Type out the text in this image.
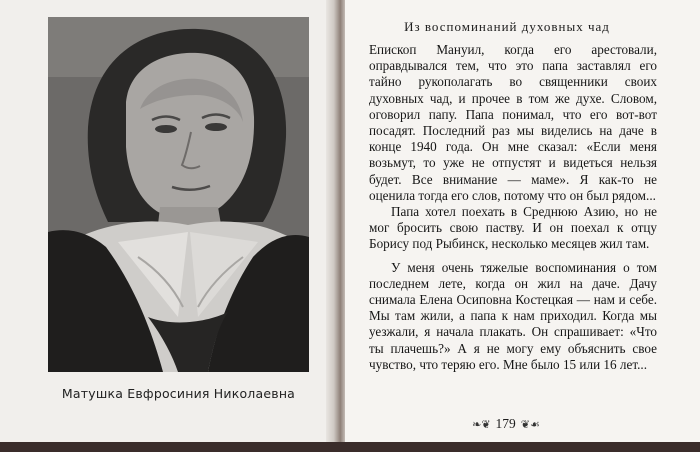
Матушка Евфросиния Николаевна
Из воспоминаний духовных чад

Епископ Мануил, когда его арестовали, оправдывался тем, что это папа заставлял его тайно рукополагать во священники своих духовных чад, и прочее в том же духе. Словом, оговорил папу. Папа понимал, что его вот-вот посадят. Последний раз мы виделись на даче в конце 1940 года. Он мне сказал: «Если меня возьмут, то уже не отпустят и видеться нельзя будет. Все внимание — маме». Я как-то не оценила тогда его слов, потому что он был рядом...

Папа хотел поехать в Среднюю Азию, но не мог бросить свою паству. И он поехал к отцу Борису под Рыбинск, несколько месяцев жил там.

У меня очень тяжелые воспоминания о том последнем лете, когда он жил на даче. Дачу снимала Елена Осиповна Костецкая — нам и себе. Мы там жили, а папа к нам приходил. Когда мы уезжали, я начала плакать. Он спрашивает: «Что ты плачешь?» А я не могу ему объяснить свое чувство, что теряю его. Мне было 15 или 16 лет...

❧❦ 179 ❦☙
